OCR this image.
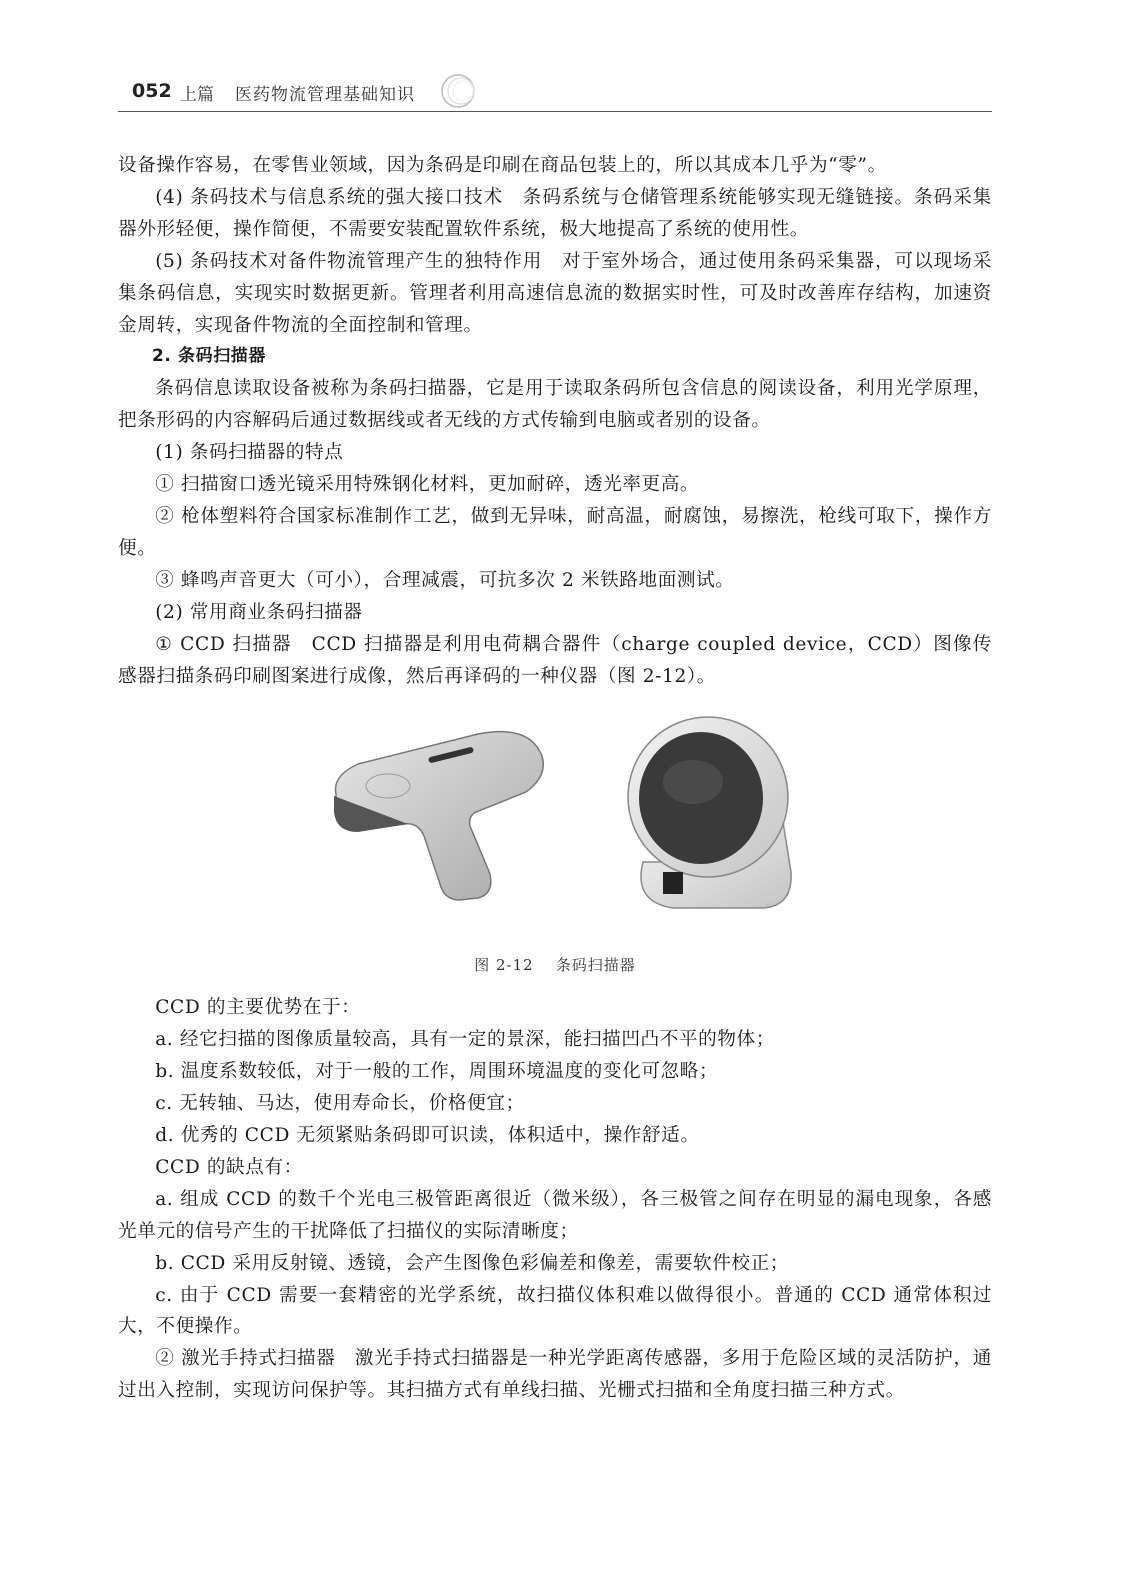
052 上篇 医药物流管理基础知识

设备操作容易，在零售业领域，因为条码是印刷在商品包装上的，所以其成本几乎为“零”。

(4) 条码技术与信息系统的强大接口技术　条码系统与仓储管理系统能够实现无缝链接。条码采集器外形轻便，操作简便，不需要安装配置软件系统，极大地提高了系统的使用性。

(5) 条码技术对备件物流管理产生的独特作用　对于室外场合，通过使用条码采集器，可以现场采集条码信息，实现实时数据更新。管理者利用高速信息流的数据实时性，可及时改善库存结构，加速资金周转，实现备件物流的全面控制和管理。

2. 条码扫描器

条码信息读取设备被称为条码扫描器，它是用于读取条码所包含信息的阅读设备，利用光学原理，把条形码的内容解码后通过数据线或者无线的方式传输到电脑或者别的设备。

(1) 条码扫描器的特点

① 扫描窗口透光镜采用特殊钢化材料，更加耐碎，透光率更高。

② 枪体塑料符合国家标准制作工艺，做到无异味，耐高温，耐腐蚀，易擦洗，枪线可取下，操作方便。

③ 蜂鸣声音更大（可小），合理减震，可抗多次 2 米铁路地面测试。

(2) 常用商业条码扫描器

① CCD 扫描器　CCD 扫描器是利用电荷耦合器件（charge coupled device，CCD）图像传感器扫描条码印刷图案进行成像，然后再译码的一种仪器（图 2-12）。

图 2-12 条码扫描器

CCD 的主要优势在于：

a. 经它扫描的图像质量较高，具有一定的景深，能扫描凹凸不平的物体；

b. 温度系数较低，对于一般的工作，周围环境温度的变化可忽略；

c. 无转轴、马达，使用寿命长，价格便宜；

d. 优秀的 CCD 无须紧贴条码即可识读，体积适中，操作舒适。

CCD 的缺点有：

a. 组成 CCD 的数千个光电三极管距离很近（微米级），各三极管之间存在明显的漏电现象，各感光单元的信号产生的干扰降低了扫描仪的实际清晰度；

b. CCD 采用反射镜、透镜，会产生图像色彩偏差和像差，需要软件校正；

c. 由于 CCD 需要一套精密的光学系统，故扫描仪体积难以做得很小。普通的 CCD 通常体积过大，不便操作。

② 激光手持式扫描器　激光手持式扫描器是一种光学距离传感器，多用于危险区域的灵活防护，通过出入控制，实现访问保护等。其扫描方式有单线扫描、光栅式扫描和全角度扫描三种方式。
